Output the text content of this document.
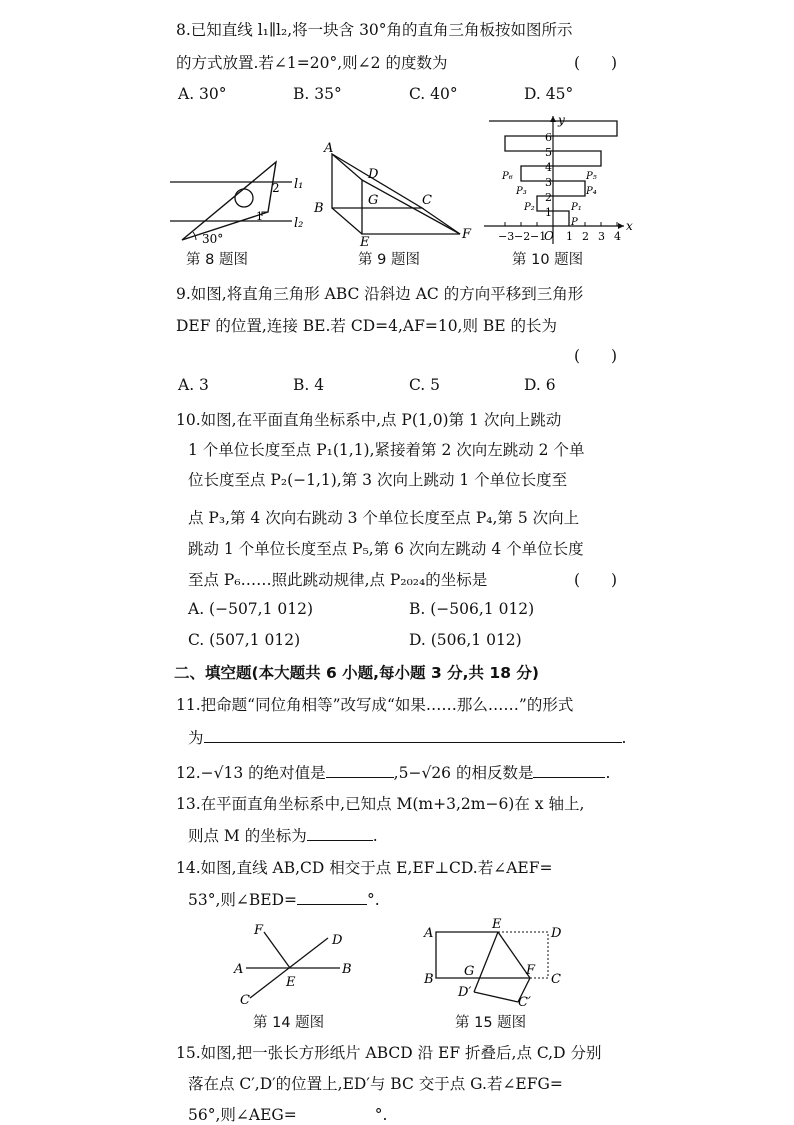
8.已知直线 l₁∥l₂,将一块含 30°角的直角三角板按如图所示
的方式放置.若∠1=20°,则∠2 的度数为	(　　)
A. 30°	B. 35°	C. 40°	D. 45°
l₁
l₂
2
1
30°
第 8 题图
A
D
B
G	C
E
F
第 9 题图
x
y
O
−3 −2 −1 1 2 3 4
1
2
3
4
5
6
P
P₁
P₂
P₃	P₄
P₅
P₆
第 10 题图
9.如图,将直角三角形 ABC 沿斜边 AC 的方向平移到三角形
DEF 的位置,连接 BE.若 CD=4,AF=10,则 BE 的长为
(　　)
A. 3	B. 4	C. 5	D. 6
10.如图,在平面直角坐标系中,点 P(1,0)第 1 次向上跳动
1 个单位长度至点 P₁(1,1),紧接着第 2 次向左跳动 2 个单
位长度至点 P₂(−1,1),第 3 次向上跳动 1 个单位长度至
点 P₃,第 4 次向右跳动 3 个单位长度至点 P₄,第 5 次向上
跳动 1 个单位长度至点 P₅,第 6 次向左跳动 4 个单位长度
至点 P₆……照此跳动规律,点 P₂₀₂₄的坐标是	(　　)
A. (−507,1 012)	B. (−506,1 012)
C. (507,1 012)	D. (506,1 012)
二、填空题(本大题共 6 小题,每小题 3 分,共 18 分)
11.把命题“同位角相等”改写成“如果……那么……”的形式
为	.
12.−√13 的绝对值是	,5−√26 的相反数是	.
13.在平面直角坐标系中,已知点 M(m+3,2m−6)在 x 轴上,
则点 M 的坐标为	.
14.如图,直线 AB,CD 相交于点 E,EF⊥CD.若∠AEF=
53°,则∠BED=	°.
F
D
A
E
B
C
第 14 题图
A
E
D
B
G	F
C
D′
C′
第 15 题图
15.如图,把一张长方形纸片 ABCD 沿 EF 折叠后,点 C,D 分别
落在点 C′,D′的位置上,ED′与 BC 交于点 G.若∠EFG=
56°,则∠AEG=	°.
